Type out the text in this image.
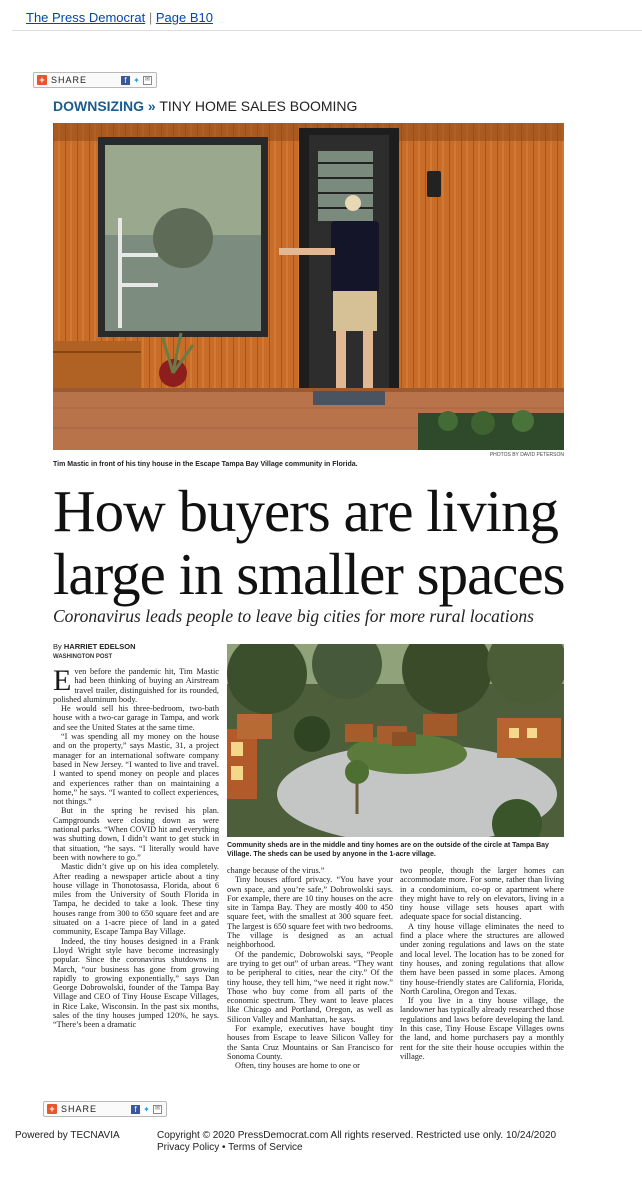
The Press Democrat | Page B10
+ SHARE	f ✦ ✉
DOWNSIZING » TINY HOME SALES BOOMING
PHOTOS BY DAVID PETERSON
Tim Mastic in front of his tiny house in the Escape Tampa Bay Village community in Florida.
How buyers are living
large in smaller spaces
Coronavirus leads people to leave big cities for more rural locations
By HARRIET EDELSON
WASHINGTON POST

Even before the pandemic hit, Tim Mastic had been thinking of buying an Airstream travel trailer, distinguished for its rounded, polished aluminum body.

He would sell his three-bedroom, two-bath house with a two-car garage in Tampa, and work and see the United States at the same time.

“I was spending all my money on the house and on the property,” says Mastic, 31, a project manager for an international software company based in New Jersey. “I wanted to live and travel. I wanted to spend money on people and places and experiences rather than on maintaining a home,” he says. “I wanted to collect experiences, not things.”

But in the spring he revised his plan. Campgrounds were closing down as were national parks. “When COVID hit and everything was shutting down, I didn’t want to get stuck in that situation, “he says. “I literally would have been with nowhere to go.”

Mastic didn’t give up on his idea completely. After reading a newspaper article about a tiny house village in Thonotosassa, Florida, about 6 miles from the University of South Florida in Tampa, he decided to take a look. These tiny houses range from 300 to 650 square feet and are situated on a 1-acre piece of land in a gated community, Escape Tampa Bay Village.

Indeed, the tiny houses designed in a Frank Lloyd Wright style have become increasingly popular. Since the coronavirus shutdowns in March, “our business has gone from growing rapidly to growing exponentially,” says Dan George Dobrowolski, founder of the Tampa Bay Village and CEO of Tiny House Escape Villages, in Rice Lake, Wisconsin. In the past six months, sales of the tiny houses jumped 120%, he says. “There’s been a dramatic

Community sheds are in the middle and tiny homes are on the outside of the circle at Tampa Bay Village. The sheds can be used by anyone in the 1-acre village.

change because of the virus.”

Tiny houses afford privacy. “You have your own space, and you’re safe,” Dobrowolski says. For example, there are 10 tiny houses on the acre site in Tampa Bay. They are mostly 400 to 450 square feet, with the smallest at 300 square feet. The largest is 650 square feet with two bedrooms. The village is designed as an actual neighborhood.

Of the pandemic, Dobrowolski says, “People are trying to get out” of urban areas. “They want to be peripheral to cities, near the city.” Of the tiny house, they tell him, “we need it right now.” Those who buy come from all parts of the economic spectrum. They want to leave places like Chicago and Portland, Oregon, as well as Silicon Valley and Manhattan, he says.

For example, executives have bought tiny houses from Escape to leave Silicon Valley for the Santa Cruz Mountains or San Francisco for Sonoma County.

Often, tiny houses are home to one or

two people, though the larger homes can accommodate more. For some, rather than living in a condominium, co-op or apartment where they might have to rely on elevators, living in a tiny house village sets houses apart with adequate space for social distancing.

A tiny house village eliminates the need to find a place where the structures are allowed under zoning regulations and laws on the state and local level. The location has to be zoned for tiny houses, and zoning regulations that allow them have been passed in some places. Among tiny house-friendly states are California, Florida, North Carolina, Oregon and Texas.

If you live in a tiny house village, the landowner has typically already researched those regulations and laws before developing the land. In this case, Tiny House Escape Villages owns the land, and home purchasers pay a monthly rent for the site their house occupies within the village.

+ SHARE	f ✦ ✉
Powered by TECNAVIA	Copyright © 2020 PressDemocrat.com All rights reserved. Restricted use only. 10/24/2020
Privacy Policy • Terms of Service
